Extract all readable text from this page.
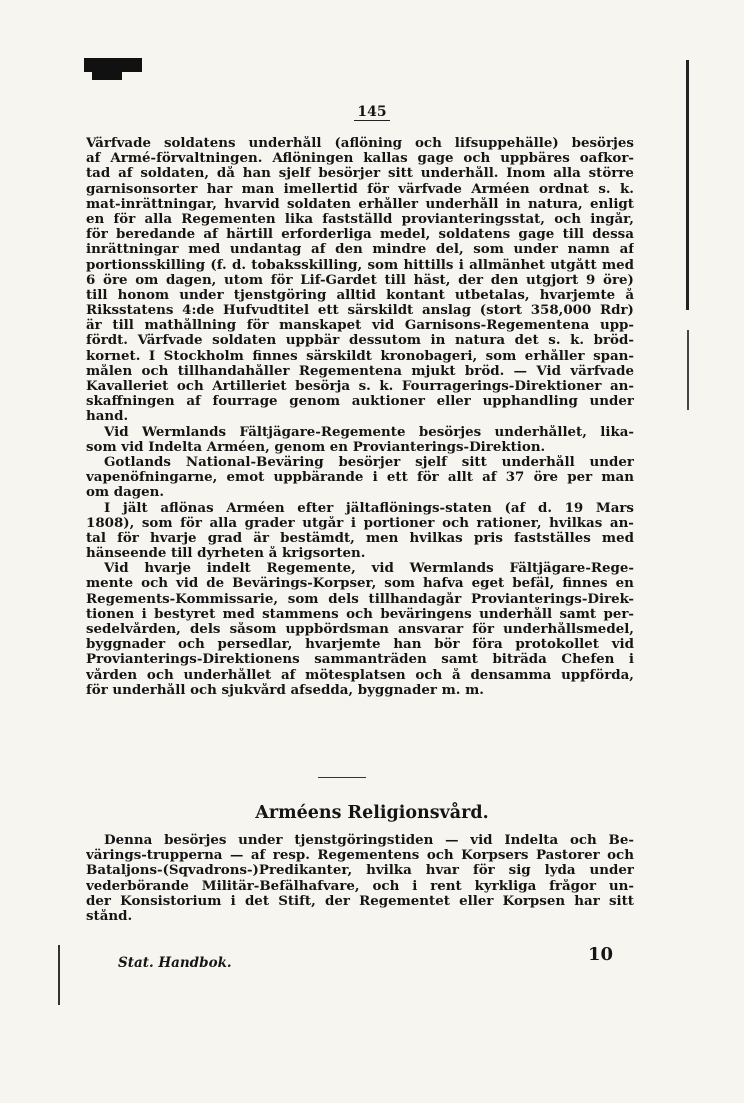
145
Värfvade soldatens underhåll (aflöning och lifsuppehälle) besörjes
af Armé-förvaltningen. Aflöningen kallas gage och uppbäres oafkor-
tad af soldaten, då han sjelf besörjer sitt underhåll. Inom alla större
garnisonsorter har man imellertid för värfvade Arméen ordnat s. k.
mat-inrättningar, hvarvid soldaten erhåller underhåll in natura, enligt
en för alla Regementen lika fastställd provianteringsstat, och ingår,
för beredande af härtill erforderliga medel, soldatens gage till dessa
inrättningar med undantag af den mindre del, som under namn af
portionsskilling (f. d. tobaksskilling, som hittills i allmänhet utgått med
6 öre om dagen, utom för Lif-Gardet till häst, der den utgjort 9 öre)
till honom under tjenstgöring alltid kontant utbetalas, hvarjemte å
Riksstatens 4:de Hufvudtitel ett särskildt anslag (stort 358,000 Rdr)
är till mathållning för manskapet vid Garnisons-Regementena upp-
fördt. Värfvade soldaten uppbär dessutom in natura det s. k. bröd-
kornet. I Stockholm finnes särskildt kronobageri, som erhåller span-
målen och tillhandahåller Regementena mjukt bröd. — Vid värfvade
Kavalleriet och Artilleriet besörja s. k. Fourragerings-Direktioner an-
skaffningen af fourrage genom auktioner eller upphandling under
hand.
Vid Wermlands Fältjägare-Regemente besörjes underhållet, lika-
som vid Indelta Arméen, genom en Provianterings-Direktion.
Gotlands National-Beväring besörjer sjelf sitt underhåll under
vapenöfningarne, emot uppbärande i ett för allt af 37 öre per man
om dagen.
I jält aflönas Arméen efter jältaflönings-staten (af d. 19 Mars
1808), som för alla grader utgår i portioner och rationer, hvilkas an-
tal för hvarje grad är bestämdt, men hvilkas pris fastställes med
hänseende till dyrheten å krigsorten.
Vid hvarje indelt Regemente, vid Wermlands Fältjägare-Rege-
mente och vid de Bevärings-Korpser, som hafva eget befäl, finnes en
Regements-Kommissarie, som dels tillhandagår Provianterings-Direk-
tionen i bestyret med stammens och beväringens underhåll samt per-
sedelvården, dels såsom uppbördsman ansvarar för underhållsmedel,
byggnader och persedlar, hvarjemte han bör föra protokollet vid
Provianterings-Direktionens sammanträden samt biträda Chefen i
vården och underhållet af mötesplatsen och å densamma uppförda,
för underhåll och sjukvård afsedda, byggnader m. m.
Arméens Religionsvård.
Denna besörjes under tjenstgöringstiden — vid Indelta och Be-
värings-trupperna — af resp. Regementens och Korpsers Pastorer och
Bataljons-(Sqvadrons-)Predikanter, hvilka hvar för sig lyda under
vederbörande Militär-Befälhafvare, och i rent kyrkliga frågor un-
der Konsistorium i det Stift, der Regementet eller Korpsen har sitt
stånd.
Stat. Handbok.	10
